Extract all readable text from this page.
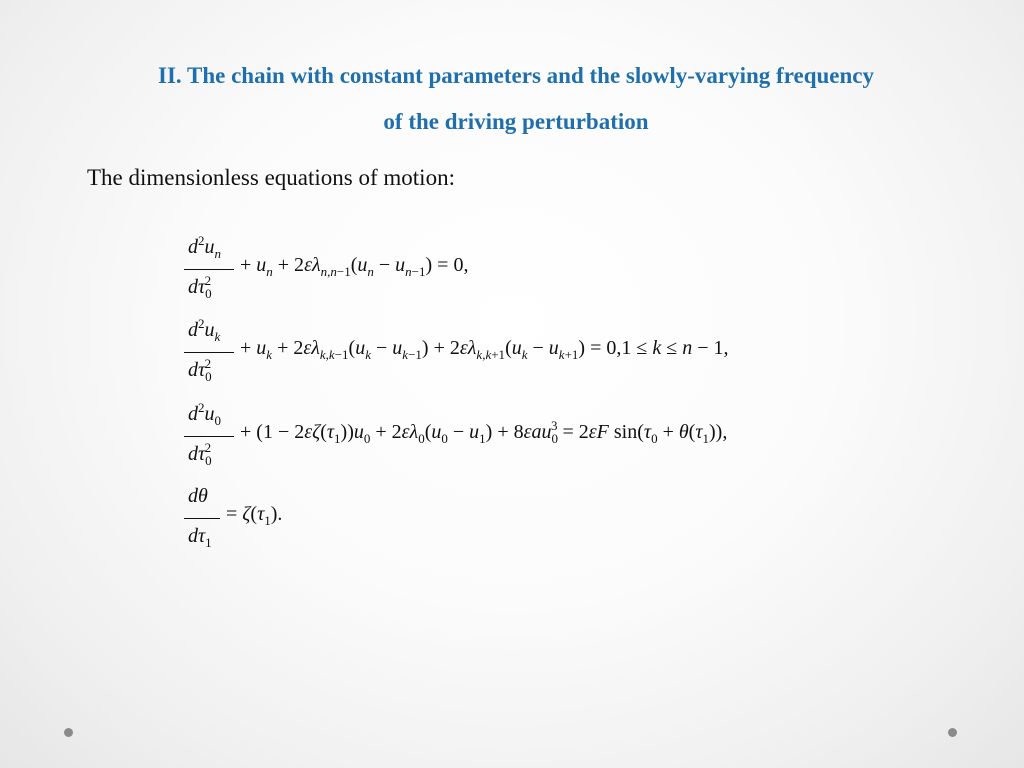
II. The chain with constant parameters and the slowly-varying frequency
of the driving perturbation

The dimensionless equations of motion:

$d^2u_n$
$d\tau_0^2$
+ $u_n + 2\varepsilon\lambda_{n,n-1}(u_n - u_{n-1}) = 0$,
$d^2u_k$
$d\tau_0^2$
+ $u_k + 2\varepsilon\lambda_{k,k-1}(u_k - u_{k-1}) + 2\varepsilon\lambda_{k,k+1}(u_k - u_{k+1}) = 0,1 \le k \le n - 1$,
$d^2u_0$
$d\tau_0^2$
+ $(1 - 2\varepsilon\zeta(\tau_1))u_0 + 2\varepsilon\lambda_0(u_0 - u_1) + 8\varepsilon au_0^3 = 2\varepsilon F$ $\sin(\tau_0 + \theta(\tau_1))$,
dθ
$d\tau_1$
= $\zeta(\tau_1)$.
